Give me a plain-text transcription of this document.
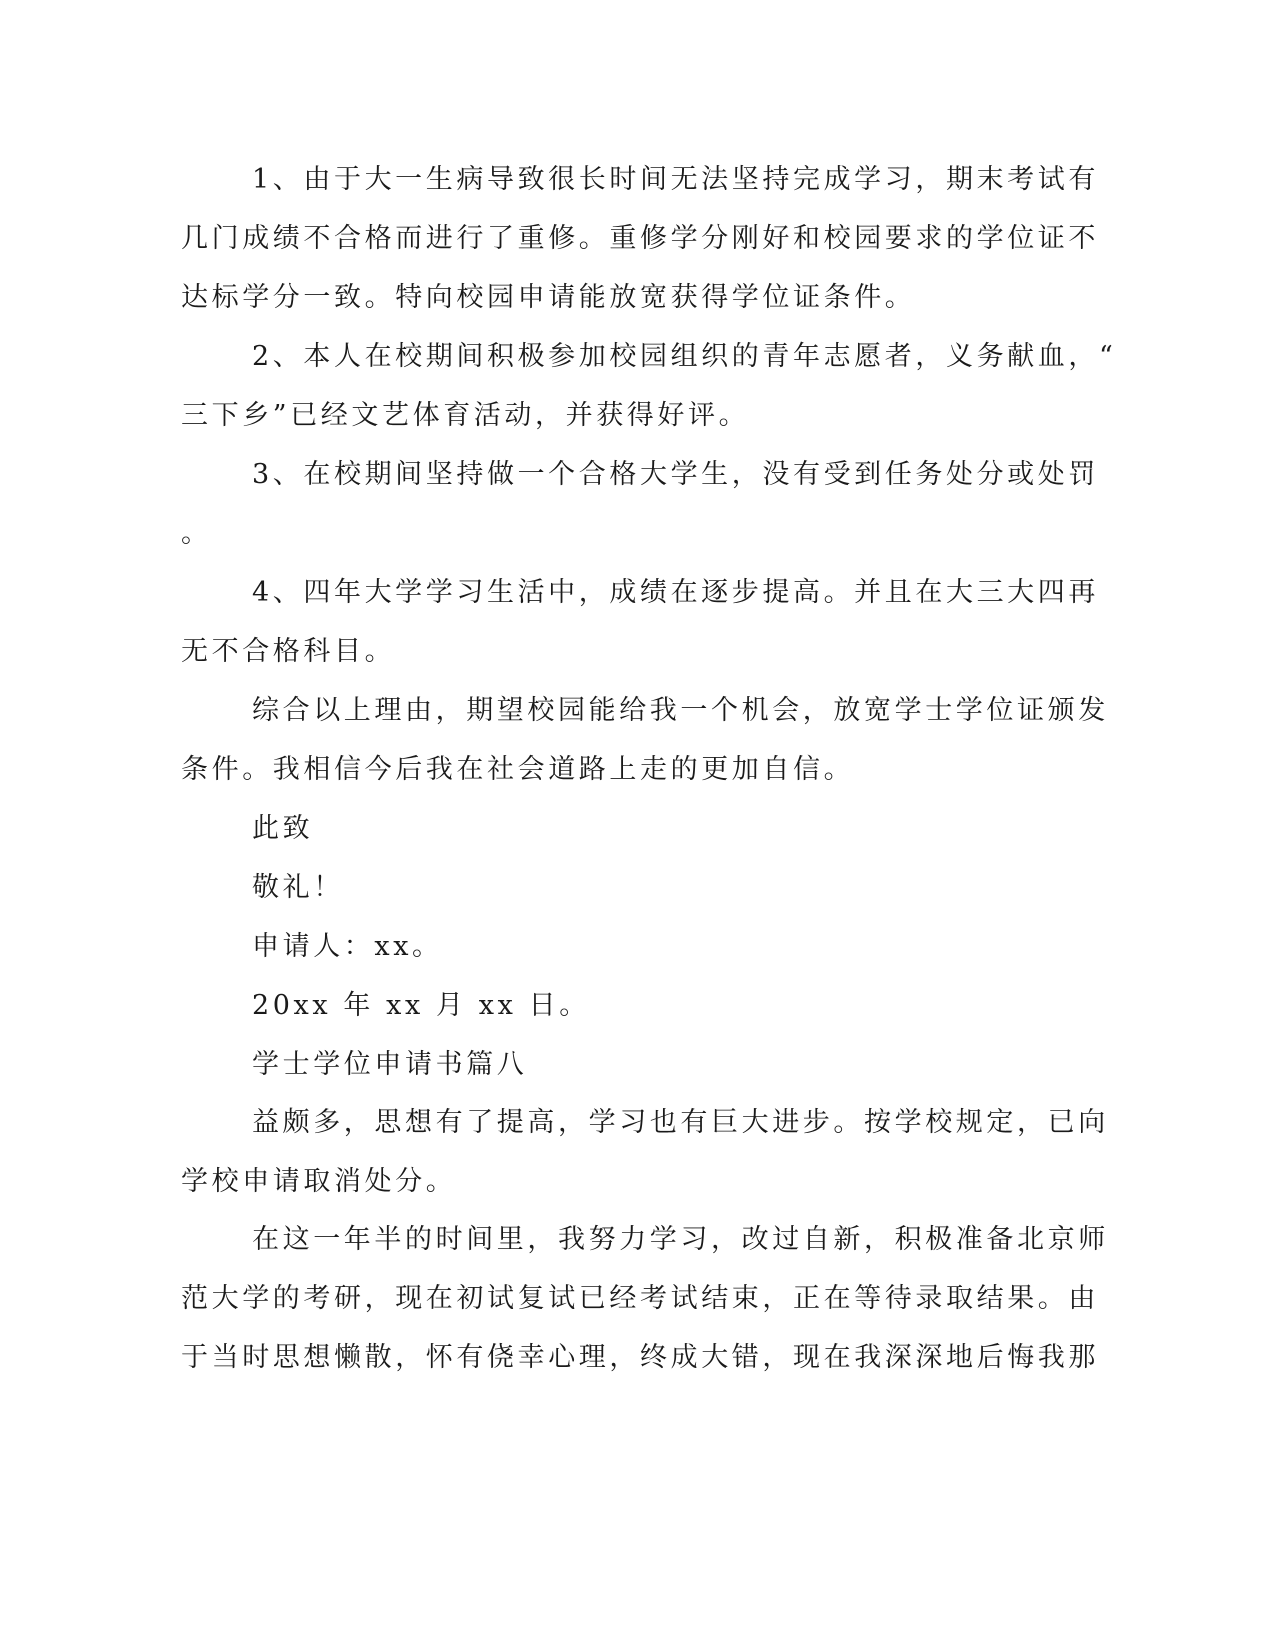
1、由于大一生病导致很长时间无法坚持完成学习，期末考试有
几门成绩不合格而进行了重修。重修学分刚好和校园要求的学位证不
达标学分一致。特向校园申请能放宽获得学位证条件。
2、本人在校期间积极参加校园组织的青年志愿者，义务献血，“
三下乡”已经文艺体育活动，并获得好评。
3、在校期间坚持做一个合格大学生，没有受到任务处分或处罚
。
4、四年大学学习生活中，成绩在逐步提高。并且在大三大四再
无不合格科目。
综合以上理由，期望校园能给我一个机会，放宽学士学位证颁发
条件。我相信今后我在社会道路上走的更加自信。
此致
敬礼！
申请人：xx。
20xx 年 xx 月 xx 日。
学士学位申请书篇八
益颇多，思想有了提高，学习也有巨大进步。按学校规定，已向
学校申请取消处分。
在这一年半的时间里，我努力学习，改过自新，积极准备北京师
范大学的考研，现在初试复试已经考试结束，正在等待录取结果。由
于当时思想懒散，怀有侥幸心理，终成大错，现在我深深地后悔我那
